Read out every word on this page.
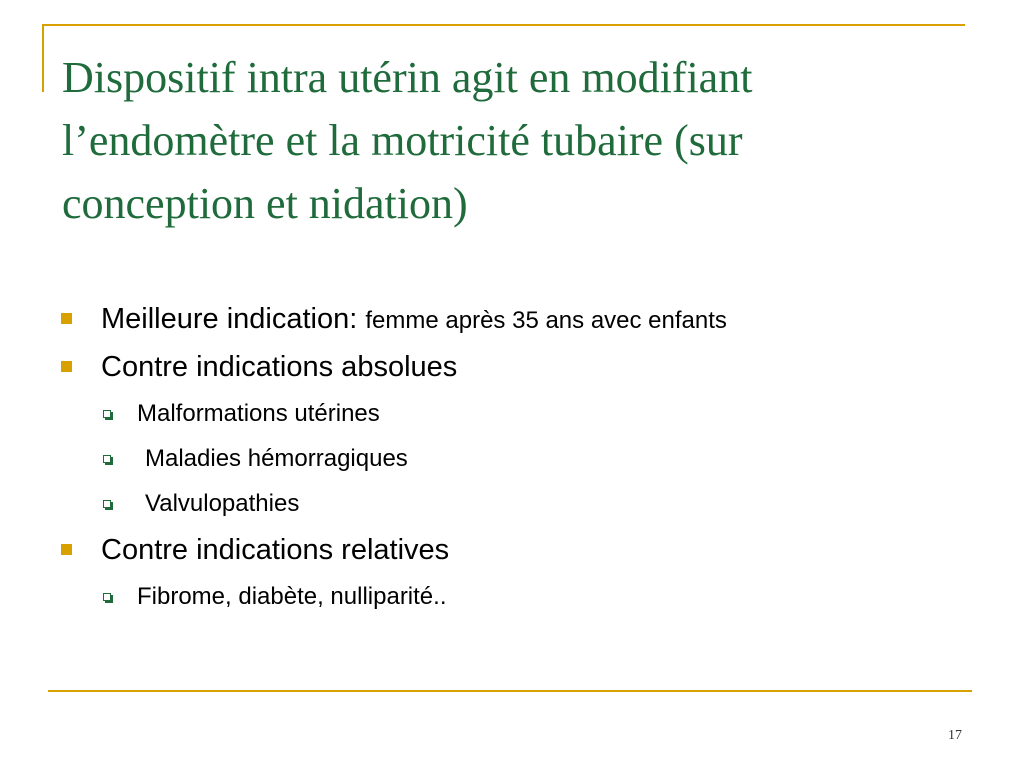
Dispositif intra utérin agit en modifiant
l’endomètre et la motricité tubaire (sur
conception et nidation)
Meilleure indication: femme après 35 ans avec enfants
Contre indications absolues
Malformations utérines
Maladies hémorragiques
Valvulopathies
Contre indications relatives
Fibrome, diabète, nulliparité..
17
